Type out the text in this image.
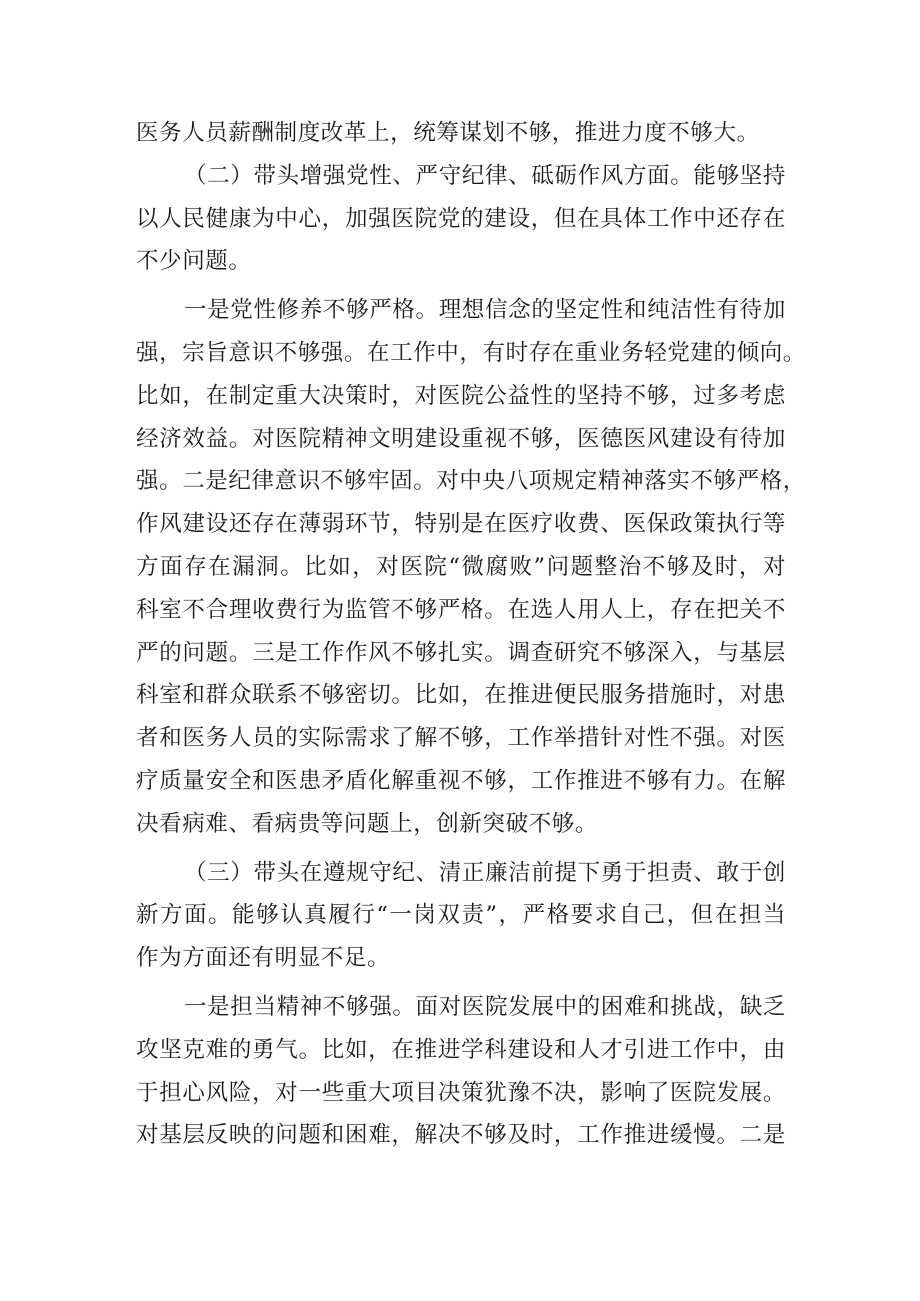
医务人员薪酬制度改革上，统筹谋划不够，推进力度不够大。
（二）带头增强党性、严守纪律、砥砺作风方面。能够坚持
以人民健康为中心，加强医院党的建设，但在具体工作中还存在
不少问题。
一是党性修养不够严格。理想信念的坚定性和纯洁性有待加
强，宗旨意识不够强。在工作中，有时存在重业务轻党建的倾向。
比如，在制定重大决策时，对医院公益性的坚持不够，过多考虑
经济效益。对医院精神文明建设重视不够，医德医风建设有待加
强。二是纪律意识不够牢固。对中央八项规定精神落实不够严格，
作风建设还存在薄弱环节，特别是在医疗收费、医保政策执行等
方面存在漏洞。比如，对医院“微腐败”问题整治不够及时，对
科室不合理收费行为监管不够严格。在选人用人上，存在把关不
严的问题。三是工作作风不够扎实。调查研究不够深入，与基层
科室和群众联系不够密切。比如，在推进便民服务措施时，对患
者和医务人员的实际需求了解不够，工作举措针对性不强。对医
疗质量安全和医患矛盾化解重视不够，工作推进不够有力。在解
决看病难、看病贵等问题上，创新突破不够。
（三）带头在遵规守纪、清正廉洁前提下勇于担责、敢于创
新方面。能够认真履行“一岗双责”，严格要求自己，但在担当
作为方面还有明显不足。
一是担当精神不够强。面对医院发展中的困难和挑战，缺乏
攻坚克难的勇气。比如，在推进学科建设和人才引进工作中，由
于担心风险，对一些重大项目决策犹豫不决，影响了医院发展。
对基层反映的问题和困难，解决不够及时，工作推进缓慢。二是
